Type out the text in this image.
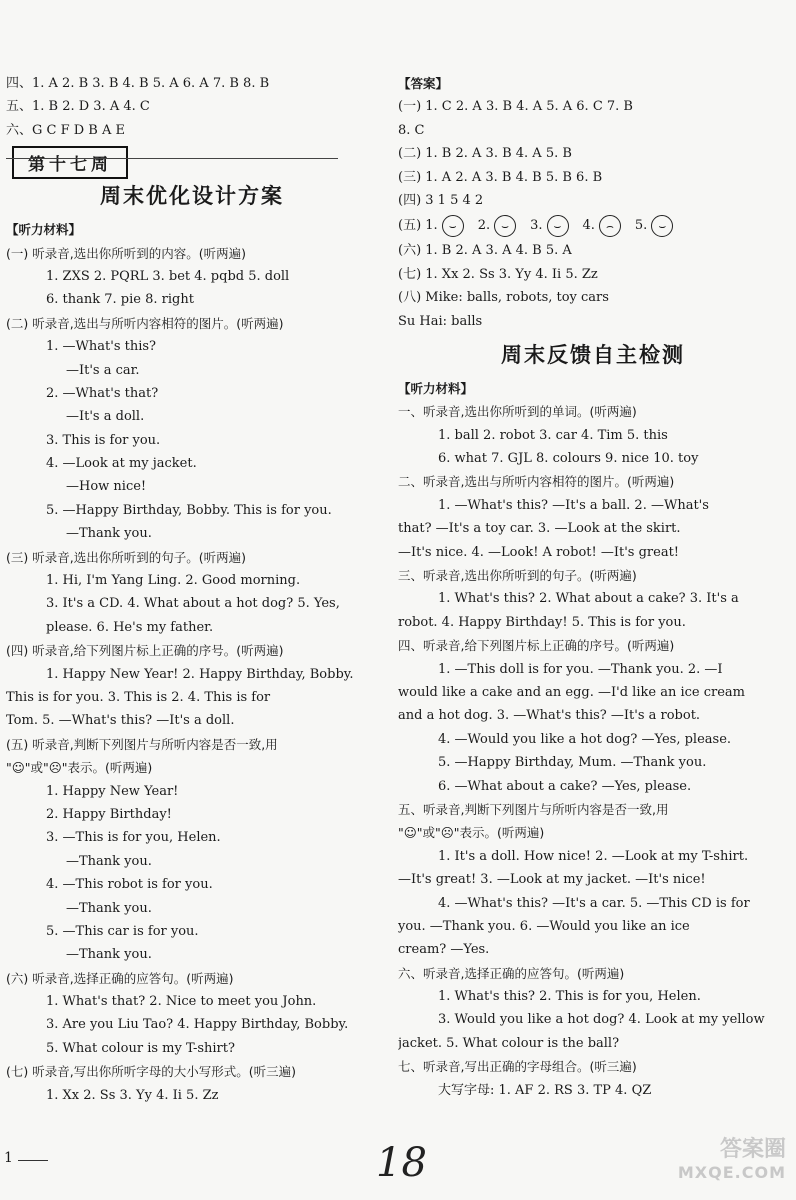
四、1. A 2. B 3. B 4. B 5. A 6. A 7. B 8. B
五、1. B 2. D 3. A 4. C
六、G C F D B A E
第十七周
周末优化设计方案
【听力材料】
(一) 听录音,选出你所听到的内容。(听两遍)
1. ZXS 2. PQRL 3. bet 4. pqbd 5. doll
6. thank 7. pie 8. right
(二) 听录音,选出与所听内容相符的图片。(听两遍)
1. —What's this?
—It's a car.
2. —What's that?
—It's a doll.
3. This is for you.
4. —Look at my jacket.
—How nice!
5. —Happy Birthday, Bobby. This is for you.
—Thank you.
(三) 听录音,选出你所听到的句子。(听两遍)
1. Hi, I'm Yang Ling. 2. Good morning.
3. It's a CD. 4. What about a hot dog? 5. Yes,
please. 6. He's my father.
(四) 听录音,给下列图片标上正确的序号。(听两遍)
1. Happy New Year! 2. Happy Birthday, Bobby.
This is for you. 3. This is 2. 4. This is for
Tom. 5. —What's this? —It's a doll.
(五) 听录音,判断下列图片与所听内容是否一致,用
"☺"或"☹"表示。(听两遍)
1. Happy New Year!
2. Happy Birthday!
3. —This is for you, Helen.
—Thank you.
4. —This robot is for you.
—Thank you.
5. —This car is for you.
—Thank you.
(六) 听录音,选择正确的应答句。(听两遍)
1. What's that? 2. Nice to meet you John.
3. Are you Liu Tao? 4. Happy Birthday, Bobby.
5. What colour is my T-shirt?
(七) 听录音,写出你所听字母的大小写形式。(听三遍)
1. Xx 2. Ss 3. Yy 4. Ii 5. Zz
【答案】
(一) 1. C 2. A 3. B 4. A 5. A 6. C 7. B
8. C
(二) 1. B 2. A 3. B 4. A 5. B
(三) 1. A 2. A 3. B 4. B 5. B 6. B
(四) 3 1 5 4 2
(五) 1. ⌣ 2. ⌣ 3. ⌣ 4. ⌢ 5. ⌣
(六) 1. B 2. A 3. A 4. B 5. A
(七) 1. Xx 2. Ss 3. Yy 4. Ii 5. Zz
(八) Mike: balls, robots, toy cars
Su Hai: balls
周末反馈自主检测
【听力材料】
一、听录音,选出你所听到的单词。(听两遍)
1. ball 2. robot 3. car 4. Tim 5. this
6. what 7. GJL 8. colours 9. nice 10. toy
二、听录音,选出与所听内容相符的图片。(听两遍)
1. —What's this? —It's a ball. 2. —What's
that? —It's a toy car. 3. —Look at the skirt.
—It's nice. 4. —Look! A robot! —It's great!
三、听录音,选出你所听到的句子。(听两遍)
1. What's this? 2. What about a cake? 3. It's a
robot. 4. Happy Birthday! 5. This is for you.
四、听录音,给下列图片标上正确的序号。(听两遍)
1. —This doll is for you. —Thank you. 2. —I
would like a cake and an egg. —I'd like an ice cream
and a hot dog. 3. —What's this? —It's a robot.
4. —Would you like a hot dog? —Yes, please.
5. —Happy Birthday, Mum. —Thank you.
6. —What about a cake? —Yes, please.
五、听录音,判断下列图片与所听内容是否一致,用
"☺"或"☹"表示。(听两遍)
1. It's a doll. How nice! 2. —Look at my T-shirt.
—It's great! 3. —Look at my jacket. —It's nice!
4. —What's this? —It's a car. 5. —This CD is for
you. —Thank you. 6. —Would you like an ice
cream? —Yes.
六、听录音,选择正确的应答句。(听两遍)
1. What's this? 2. This is for you, Helen.
3. Would you like a hot dog? 4. Look at my yellow
jacket. 5. What colour is the ball?
七、听录音,写出正确的字母组合。(听三遍)
大写字母: 1. AF 2. RS 3. TP 4. QZ
1	18	答案圈
MXQE.COM
